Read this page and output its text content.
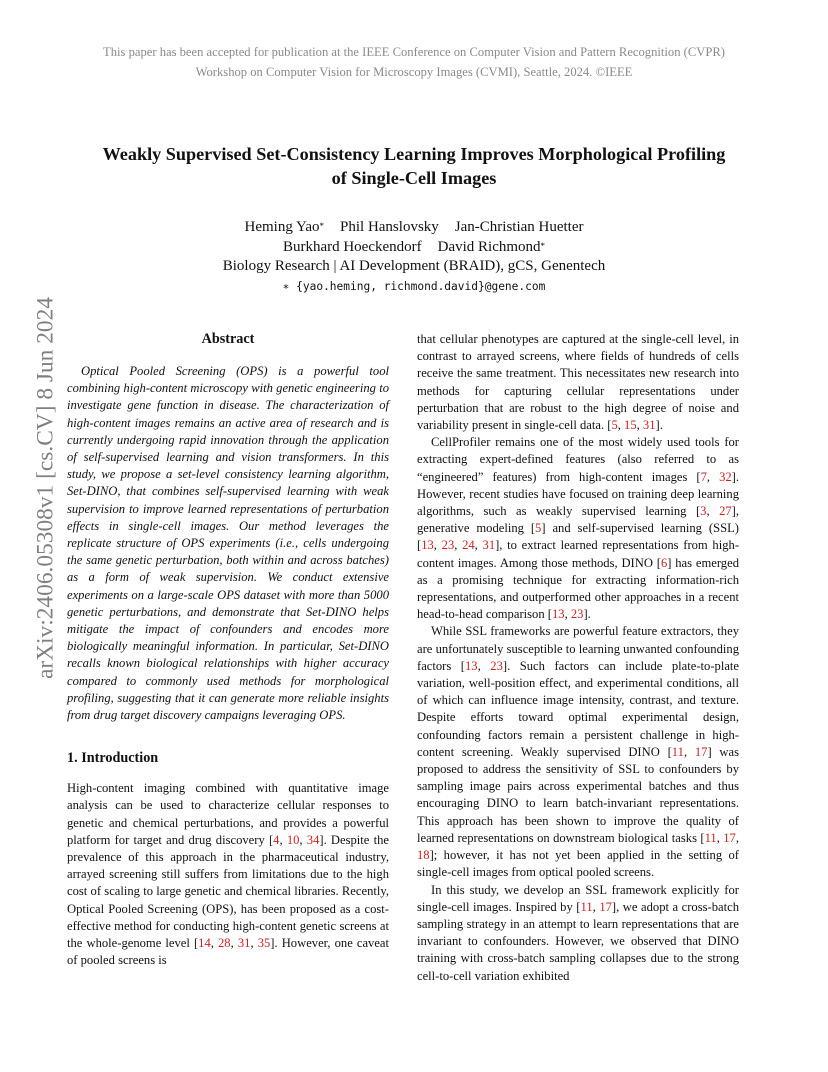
This paper has been accepted for publication at the IEEE Conference on Computer Vision and Pattern Recognition (CVPR)
Workshop on Computer Vision for Microscopy Images (CVMI), Seattle, 2024. ©IEEE
Weakly Supervised Set-Consistency Learning Improves Morphological Profiling
of Single-Cell Images
Heming Yao* Phil Hanslovsky Jan-Christian Huetter
Burkhard Hoeckendorf David Richmond*
Biology Research | AI Development (BRAID), gCS, Genentech
∗ {yao.heming, richmond.david}@gene.com
arXiv:2406.05308v1 [cs.CV] 8 Jun 2024	Abstract

Optical Pooled Screening (OPS) is a powerful tool combining high-content microscopy with genetic engineering to investigate gene function in disease. The characterization of high-content images remains an active area of research and is currently undergoing rapid innovation through the application of self-supervised learning and vision transformers. In this study, we propose a set-level consistency learning algorithm, Set-DINO, that combines self-supervised learning with weak supervision to improve learned representations of perturbation effects in single-cell images. Our method leverages the replicate structure of OPS experiments (i.e., cells undergoing the same genetic perturbation, both within and across batches) as a form of weak supervision. We conduct extensive experiments on a large-scale OPS dataset with more than 5000 genetic perturbations, and demonstrate that Set-DINO helps mitigate the impact of confounders and encodes more biologically meaningful information. In particular, Set-DINO recalls known biological relationships with higher accuracy compared to commonly used methods for morphological profiling, suggesting that it can generate more reliable insights from drug target discovery campaigns leveraging OPS.

1. Introduction

High-content imaging combined with quantitative image analysis can be used to characterize cellular responses to genetic and chemical perturbations, and provides a powerful platform for target and drug discovery [4, 10, 34]. Despite the prevalence of this approach in the pharmaceutical industry, arrayed screening still suffers from limitations due to the high cost of scaling to large genetic and chemical libraries. Recently, Optical Pooled Screening (OPS), has been proposed as a cost-effective method for conducting high-content genetic screens at the whole-genome level [14, 28, 31, 35]. However, one caveat of pooled screens is

that cellular phenotypes are captured at the single-cell level, in contrast to arrayed screens, where fields of hundreds of cells receive the same treatment. This necessitates new research into methods for capturing cellular representations under perturbation that are robust to the high degree of noise and variability present in single-cell data. [5, 15, 31].

CellProfiler remains one of the most widely used tools for extracting expert-defined features (also referred to as “engineered” features) from high-content images [7, 32]. However, recent studies have focused on training deep learning algorithms, such as weakly supervised learning [3, 27], generative modeling [5] and self-supervised learning (SSL) [13, 23, 24, 31], to extract learned representations from high-content images. Among those methods, DINO [6] has emerged as a promising technique for extracting information-rich representations, and outperformed other approaches in a recent head-to-head comparison [13, 23].

While SSL frameworks are powerful feature extractors, they are unfortunately susceptible to learning unwanted confounding factors [13, 23]. Such factors can include plate-to-plate variation, well-position effect, and experimental conditions, all of which can influence image intensity, contrast, and texture. Despite efforts toward optimal experimental design, confounding factors remain a persistent challenge in high-content screening. Weakly supervised DINO [11, 17] was proposed to address the sensitivity of SSL to confounders by sampling image pairs across experimental batches and thus encouraging DINO to learn batch-invariant representations. This approach has been shown to improve the quality of learned representations on downstream biological tasks [11, 17, 18]; however, it has not yet been applied in the setting of single-cell images from optical pooled screens.

In this study, we develop an SSL framework explicitly for single-cell images. Inspired by [11, 17], we adopt a cross-batch sampling strategy in an attempt to learn representations that are invariant to confounders. However, we observed that DINO training with cross-batch sampling collapses due to the strong cell-to-cell variation exhibited
